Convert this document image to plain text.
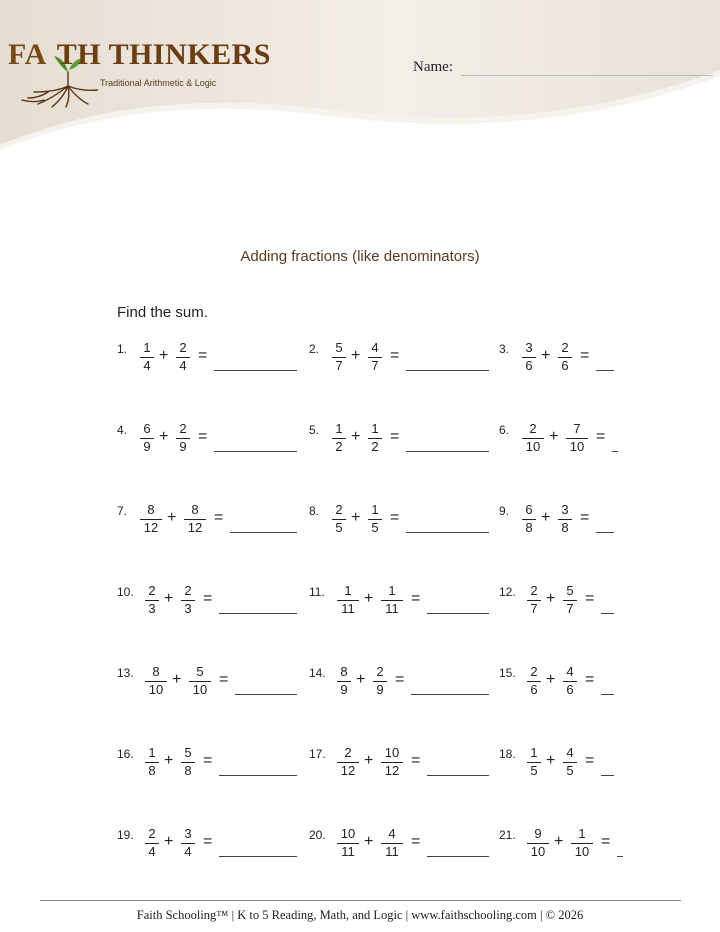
FA TH THINKERS
Traditional Arithmetic & Logic
Name:
Adding fractions (like denominators)
Find the sum.
1.	1
4
+ 2
4
=	2.	5
7
+ 4
7
=	3.	3
6
+ 2
6
=
4.	6
9
+ 2
9
=	5.	1
2
+ 1
2
=	6.	2
10
+	7
10
=
7.	8
12
+	8
12
=	8.	2
5
+ 1
5
=	9.	6
8
+ 3
8
=
10.	2
3
+ 2
3
=	11.	1
11
+	1
11
=	12.	2
7
+ 5
7
=
13.	8
10
+	5
10
=	14.	8
9
+ 2
9
=	15.	2
6
+ 4
6
=
16.	1
8
+ 5
8
=	17.	2
12
+ 10
12
=	18.	1
5
+ 4
5
=
19.	2
4
+ 3
4
=	20.	10
11
+	4
11
=	21.	9
10
+	1
10
=
Faith Schooling™ | K to 5 Reading, Math, and Logic | www.faithschooling.com | © 2026
